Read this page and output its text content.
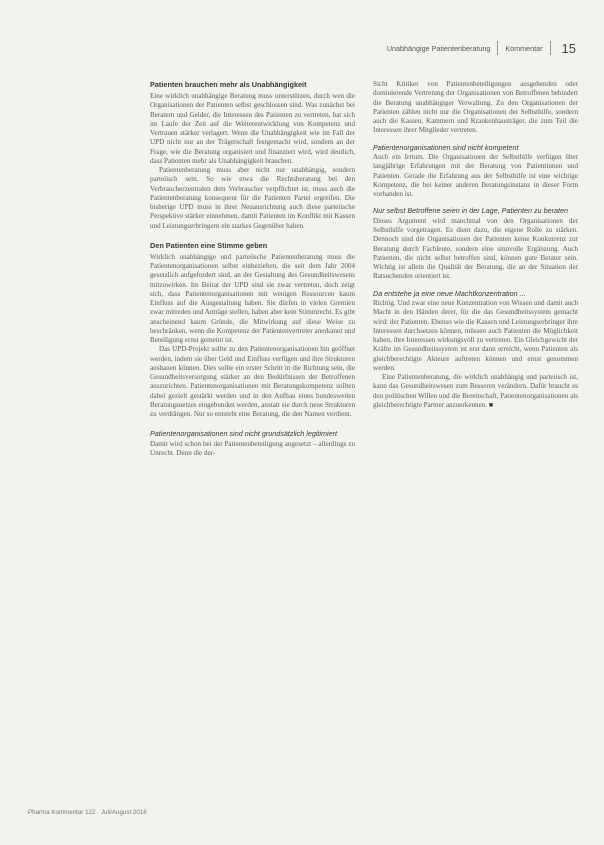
Unabhängige Patientenberatung Kommentar 15
Patienten brauchen mehr als Unabhängigkeit

Eine wirklich unabhängige Beratung muss unterstützen, durch wen die Organisationen der Patienten selbst geschlossen sind. Was zunächst bei Beratern und Gelder, die Interessen des Patienten zu vertreten, hat sich im Laufe der Zeit auf die Weiterentwicklung von Kompetenz und Vertrauen stärker verlagert. Wenn die Unabhängigkeit wie im Fall der UPD nicht nur an der Trägerschaft festgemacht wird, sondern an der Frage, wie die Beratung organisiert und finanziert wird, wird deutlich, dass Patienten mehr als Unabhängigkeit brauchen.

Patientenberatung muss aber nicht nur unabhängig, sondern parteiisch sein. So wie etwa die Rechtsberatung bei den Verbraucherzentralen dem Verbraucher verpflichtet ist, muss auch die Patientenberatung konsequent für die Patienten Partei ergreifen. Die bisherige UPD muss in ihrer Neuausrichtung auch diese parteiische Perspektive stärker einnehmen, damit Patienten im Konflikt mit Kassen und Leistungserbringern ein starkes Gegenüber haben.

Den Patienten eine Stimme geben

Wirklich unabhängige und parteiische Patientenberatung muss die Patientenorganisationen selbst einbeziehen, die seit dem Jahr 2004 gesetzlich aufgefordert sind, an der Gestaltung des Gesundheitswesens mitzuwirken. Im Beirat der UPD sind sie zwar vertreten, doch zeigt sich, dass Patientenorganisationen mit wenigen Ressourcen kaum Einfluss auf die Ausgestaltung haben. Sie dürfen in vielen Gremien zwar mitreden und Anträge stellen, haben aber kein Stimmrecht. Es gibt anscheinend kaum Gründe, die Mitwirkung auf diese Weise zu beschränken, wenn die Kompetenz der Patientenvertreter anerkannt und Beteiligung ernst gemeint ist.

Das UPD-Projekt sollte zu den Patientenorganisationen hin geöffnet werden, indem sie über Geld und Einfluss verfügen und ihre Strukturen ausbauen können. Dies sollte ein erster Schritt in die Richtung sein, die Gesundheitsversorgung stärker an den Bedürfnissen der Betroffenen auszurichten. Patientenorganisationen mit Beratungskompetenz sollten dabei gezielt gestärkt werden und in den Aufbau eines bundesweiten Beratungsnetzes eingebunden werden, anstatt sie durch neue Strukturen zu verdrängen. Nur so entsteht eine Beratung, die den Namen verdient.

Patientenorganisationen sind nicht grundsätzlich legitimiert

Damit wird schon bei der Patientenbeteiligung angesetzt – allerdings zu Unrecht. Denn die der-

Sicht Kritiker von Patientenbeteiligungen ausgehenden oder dominierende Vertretung der Organisationen von Betroffenen behindert die Beratung unabhängiger Verwaltung. Zu den Organisationen der Patienten zählen nicht nur die Organisationen der Selbsthilfe, sondern auch die Kassen, Kammern und Krankenhausträger, die zum Teil die Interessen ihrer Mitglieder vertreten.

Patientenorganisationen sind nicht kompetent

Auch ein Irrtum. Die Organisationen der Selbsthilfe verfügen über langjährige Erfahrungen mit der Beratung von Patientinnen und Patienten. Gerade die Erfahrung aus der Selbsthilfe ist eine wichtige Kompetenz, die bei keiner anderen Beratungsinstanz in dieser Form vorhanden ist.

Nur selbst Betroffene seien in der Lage, Patienten zu beraten

Dieses Argument wird manchmal von den Organisationen der Selbsthilfe vorgetragen. Es dient dazu, die eigene Rolle zu stärken. Dennoch sind die Organisationen der Patienten keine Konkurrenz zur Beratung durch Fachleute, sondern eine sinnvolle Ergänzung. Auch Patienten, die nicht selbst betroffen sind, können gute Berater sein. Wichtig ist allein die Qualität der Beratung, die an der Situation der Ratsuchenden orientiert ist.

Da entstehe ja eine neue Machtkonzentration ...

Richtig. Und zwar eine neue Konzentration von Wissen und damit auch Macht in den Händen derer, für die das Gesundheitssystem gemacht wird: der Patienten. Ebenso wie die Kassen und Leistungserbringer ihre Interessen durchsetzen können, müssen auch Patienten die Möglichkeit haben, ihre Interessen wirkungsvoll zu vertreten. Ein Gleichgewicht der Kräfte im Gesundheitssystem ist erst dann erreicht, wenn Patienten als gleichberechtigte Akteure auftreten können und ernst genommen werden.

Eine Patientenberatung, die wirklich unabhängig und parteiisch ist, kann das Gesundheitswesen zum Besseren verändern. Dafür braucht es den politischen Willen und die Bereitschaft, Patientenorganisationen als gleichberechtigte Partner anzuerkennen. ■

Pharma Kommentar 122 · Juli/August 2016
